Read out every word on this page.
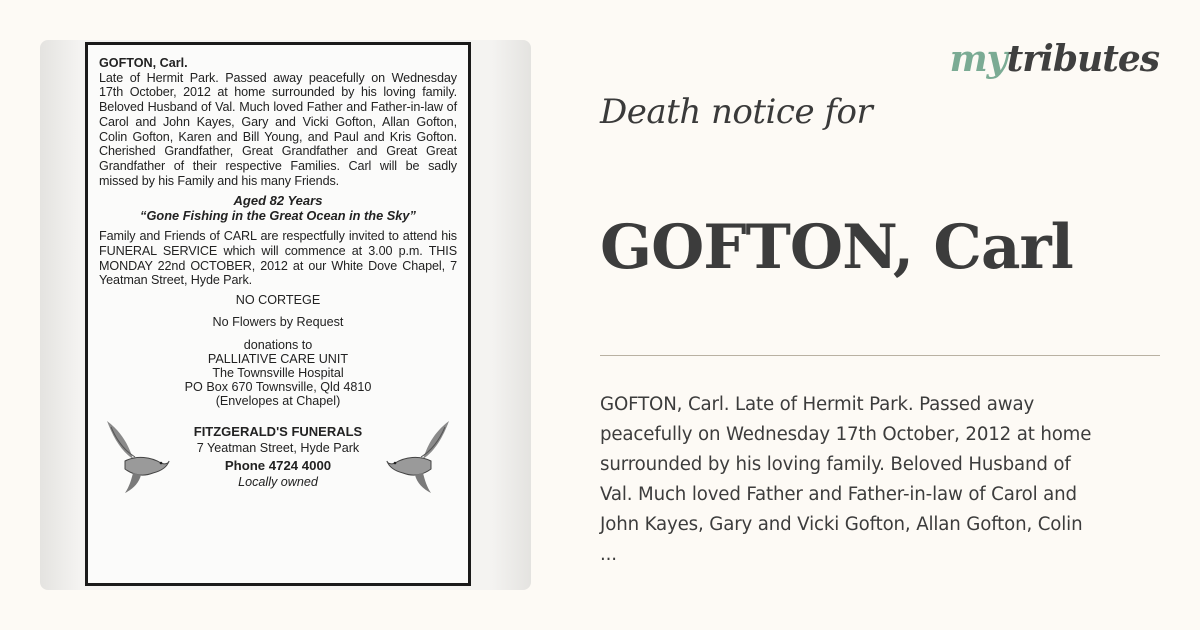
GOFTON, Carl.
Late of Hermit Park. Passed away peacefully on Wednesday 17th October, 2012 at home surrounded by his loving family. Beloved Husband of Val. Much loved Father and Father-in-law of Carol and John Kayes, Gary and Vicki Gofton, Allan Gofton, Colin Gofton, Karen and Bill Young, and Paul and Kris Gofton. Cherished Grandfather, Great Grandfather and Great Great Grandfather of their respective Families. Carl will be sadly missed by his Family and his many Friends.
Aged 82 Years
“Gone Fishing in the Great Ocean in the Sky”
Family and Friends of CARL are respectfully invited to attend his FUNERAL SERVICE which will commence at 3.00 p.m. THIS MONDAY 22nd OCTOBER, 2012 at our White Dove Chapel, 7 Yeatman Street, Hyde Park.
NO CORTEGE
No Flowers by Request
donations to
PALLIATIVE CARE UNIT
The Townsville Hospital
PO Box 670 Townsville, Qld 4810
(Envelopes at Chapel)
FITZGERALD'S FUNERALS
7 Yeatman Street, Hyde Park
Phone 4724 4000
Locally owned
mytributes
Death notice for
GOFTON, Carl
GOFTON, Carl. Late of Hermit Park. Passed away
peacefully on Wednesday 17th October, 2012 at home
surrounded by his loving family. Beloved Husband of
Val. Much loved Father and Father-in-law of Carol and
John Kayes, Gary and Vicki Gofton, Allan Gofton, Colin
...
